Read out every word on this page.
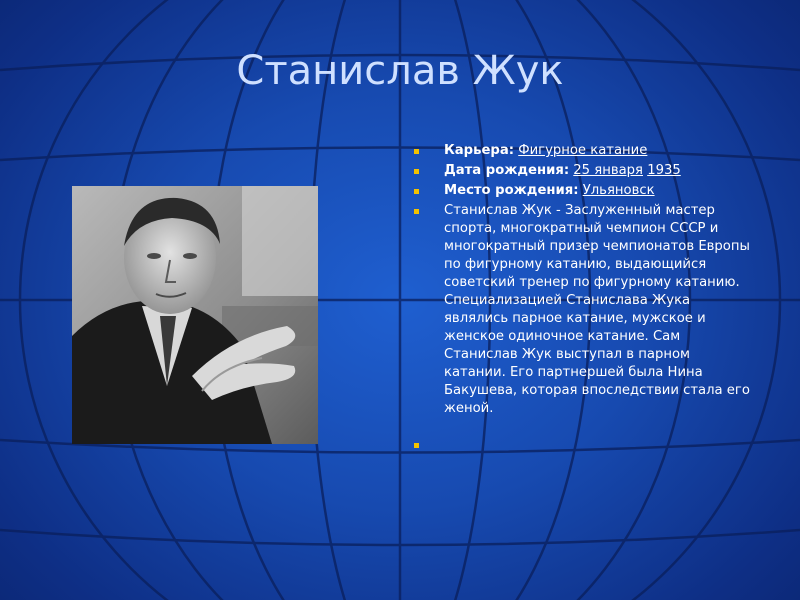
Станислав Жук
Карьера: Фигурное катание
Дата рождения: 25 января 1935
Место рождения: Ульяновск
Станислав Жук - Заслуженный мастер спорта, многократный чемпион СССР и многократный призер чемпионатов Европы по фигурному катанию, выдающийся советский тренер по фигурному катанию. Специализацией Станислава Жука являлись парное катание, мужское и женское одиночное катание. Сам Станислав Жук выступал в парном катании. Его партнершей была Нина Бакушева, которая впоследствии стала его женой.
